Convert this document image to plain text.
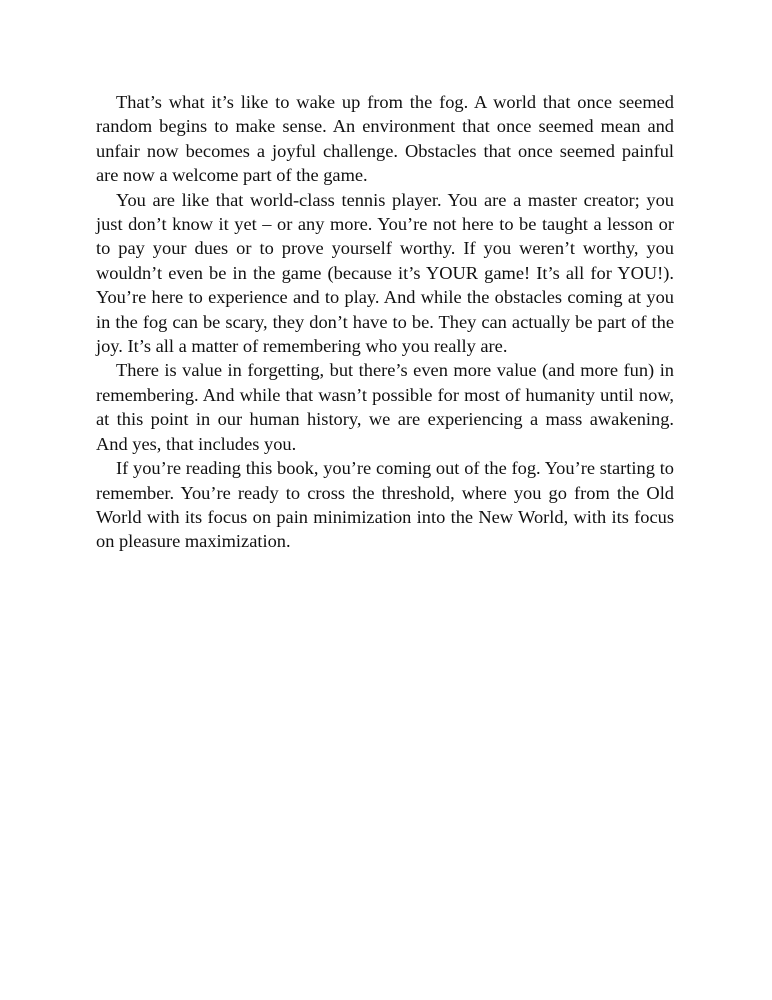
That’s what it’s like to wake up from the fog. A world that once seemed random begins to make sense. An environment that once seemed mean and unfair now becomes a joyful challenge. Obstacles that once seemed painful are now a welcome part of the game.

You are like that world-class tennis player. You are a master creator; you just don’t know it yet – or any more. You’re not here to be taught a lesson or to pay your dues or to prove yourself worthy. If you weren’t worthy, you wouldn’t even be in the game (because it’s YOUR game! It’s all for YOU!). You’re here to experience and to play. And while the obstacles coming at you in the fog can be scary, they don’t have to be. They can actually be part of the joy. It’s all a matter of remembering who you really are.

There is value in forgetting, but there’s even more value (and more fun) in remembering. And while that wasn’t possible for most of humanity until now, at this point in our human history, we are experiencing a mass awakening. And yes, that includes you.

If you’re reading this book, you’re coming out of the fog. You’re starting to remember. You’re ready to cross the threshold, where you go from the Old World with its focus on pain minimization into the New World, with its focus on pleasure maximization.
